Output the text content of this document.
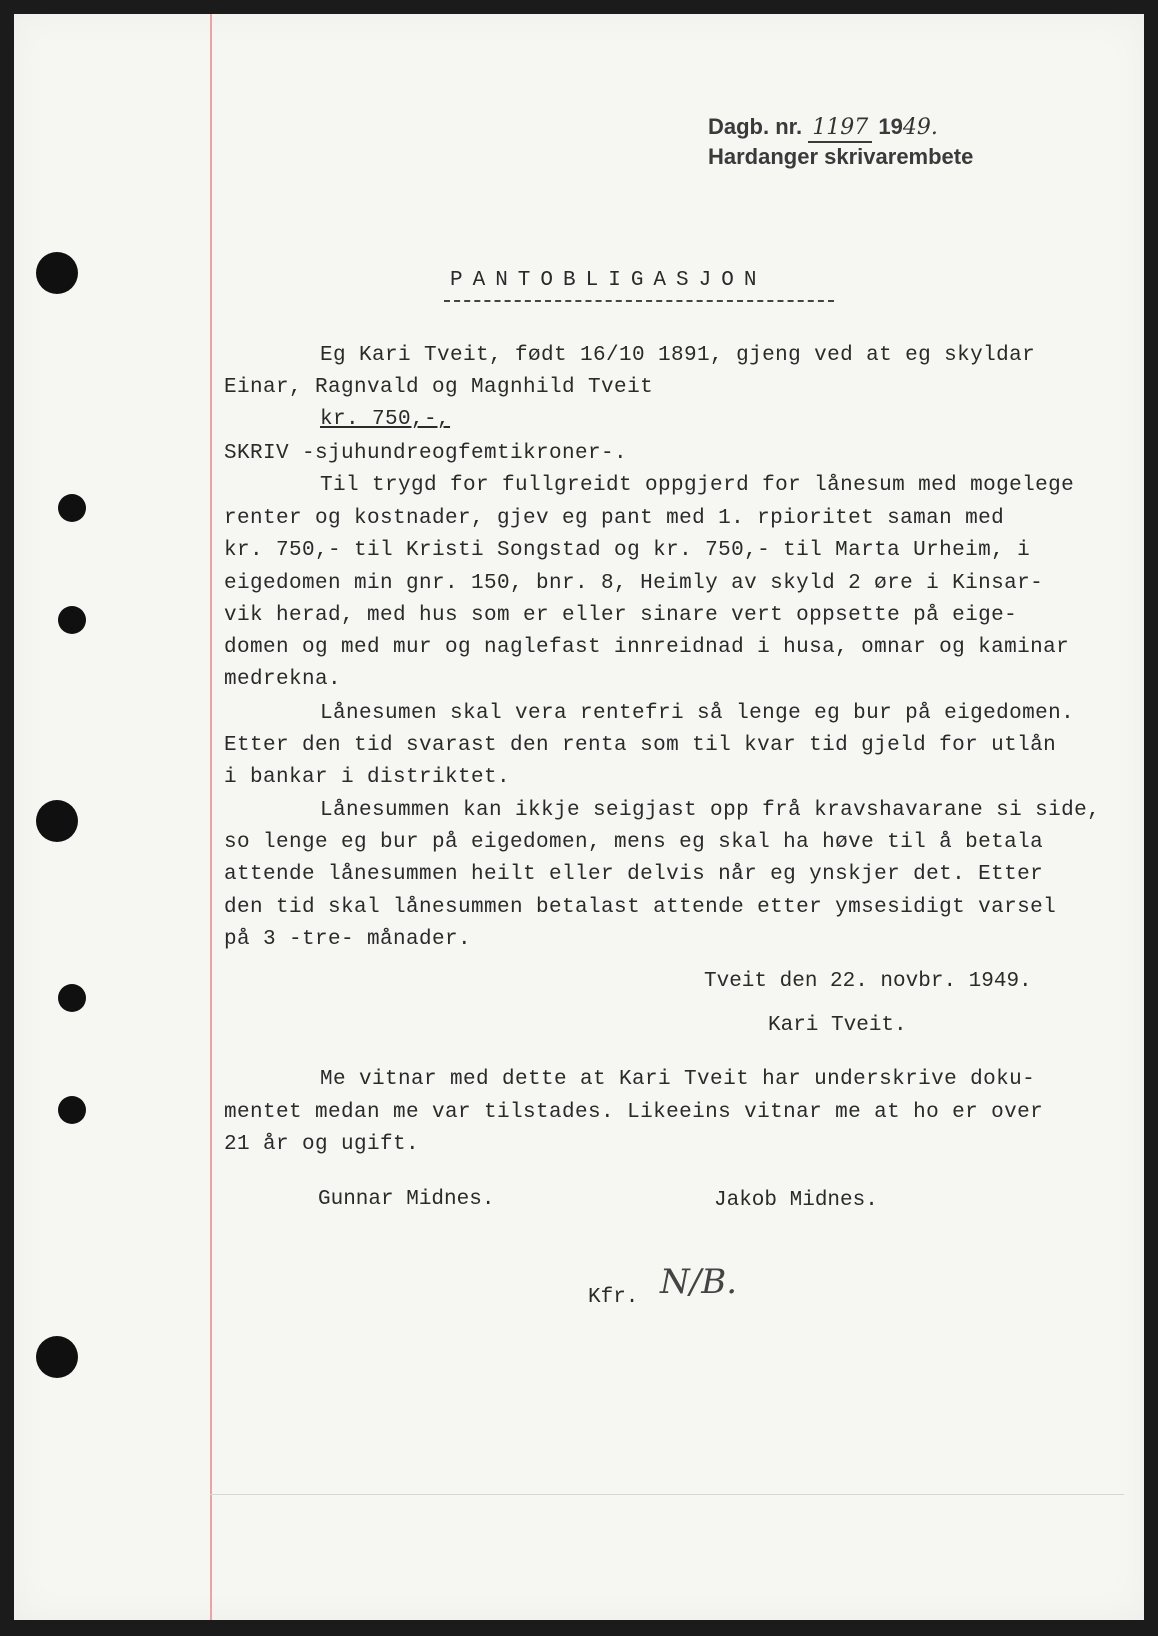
Dagb. nr. 1197 1949.
Hardanger skrivarembete
PANTOBLIGASJON
Eg Kari Tveit, født 16/10 1891, gjeng ved at eg skyldar
Einar, Ragnvald og Magnhild Tveit
kr. 750,-,
SKRIV -sjuhundreogfemtikroner-.
Til trygd for fullgreidt oppgjerd for lånesum med mogelege
renter og kostnader, gjev eg pant med 1. rpioritet saman med
kr. 750,- til Kristi Songstad og kr. 750,- til Marta Urheim, i
eigedomen min gnr. 150, bnr. 8, Heimly av skyld 2 øre i Kinsar-
vik herad, med hus som er eller sinare vert oppsette på eige-
domen og med mur og naglefast innreidnad i husa, omnar og kaminar
medrekna.
Lånesumen skal vera rentefri så lenge eg bur på eigedomen.
Etter den tid svarast den renta som til kvar tid gjeld for utlån
i bankar i distriktet.
Lånesummen kan ikkje seigjast opp frå kravshavarane si side,
so lenge eg bur på eigedomen, mens eg skal ha høve til å betala
attende lånesummen heilt eller delvis når eg ynskjer det. Etter
den tid skal lånesummen betalast attende etter ymsesidigt varsel
på 3 -tre- månader.
Tveit den 22. novbr. 1949.
Kari Tveit.
Me vitnar med dette at Kari Tveit har underskrive doku-
mentet medan me var tilstades. Likeeins vitnar me at ho er over
21 år og ugift.
Gunnar Midnes.	Jakob Midnes.
Kfr. N/B.
